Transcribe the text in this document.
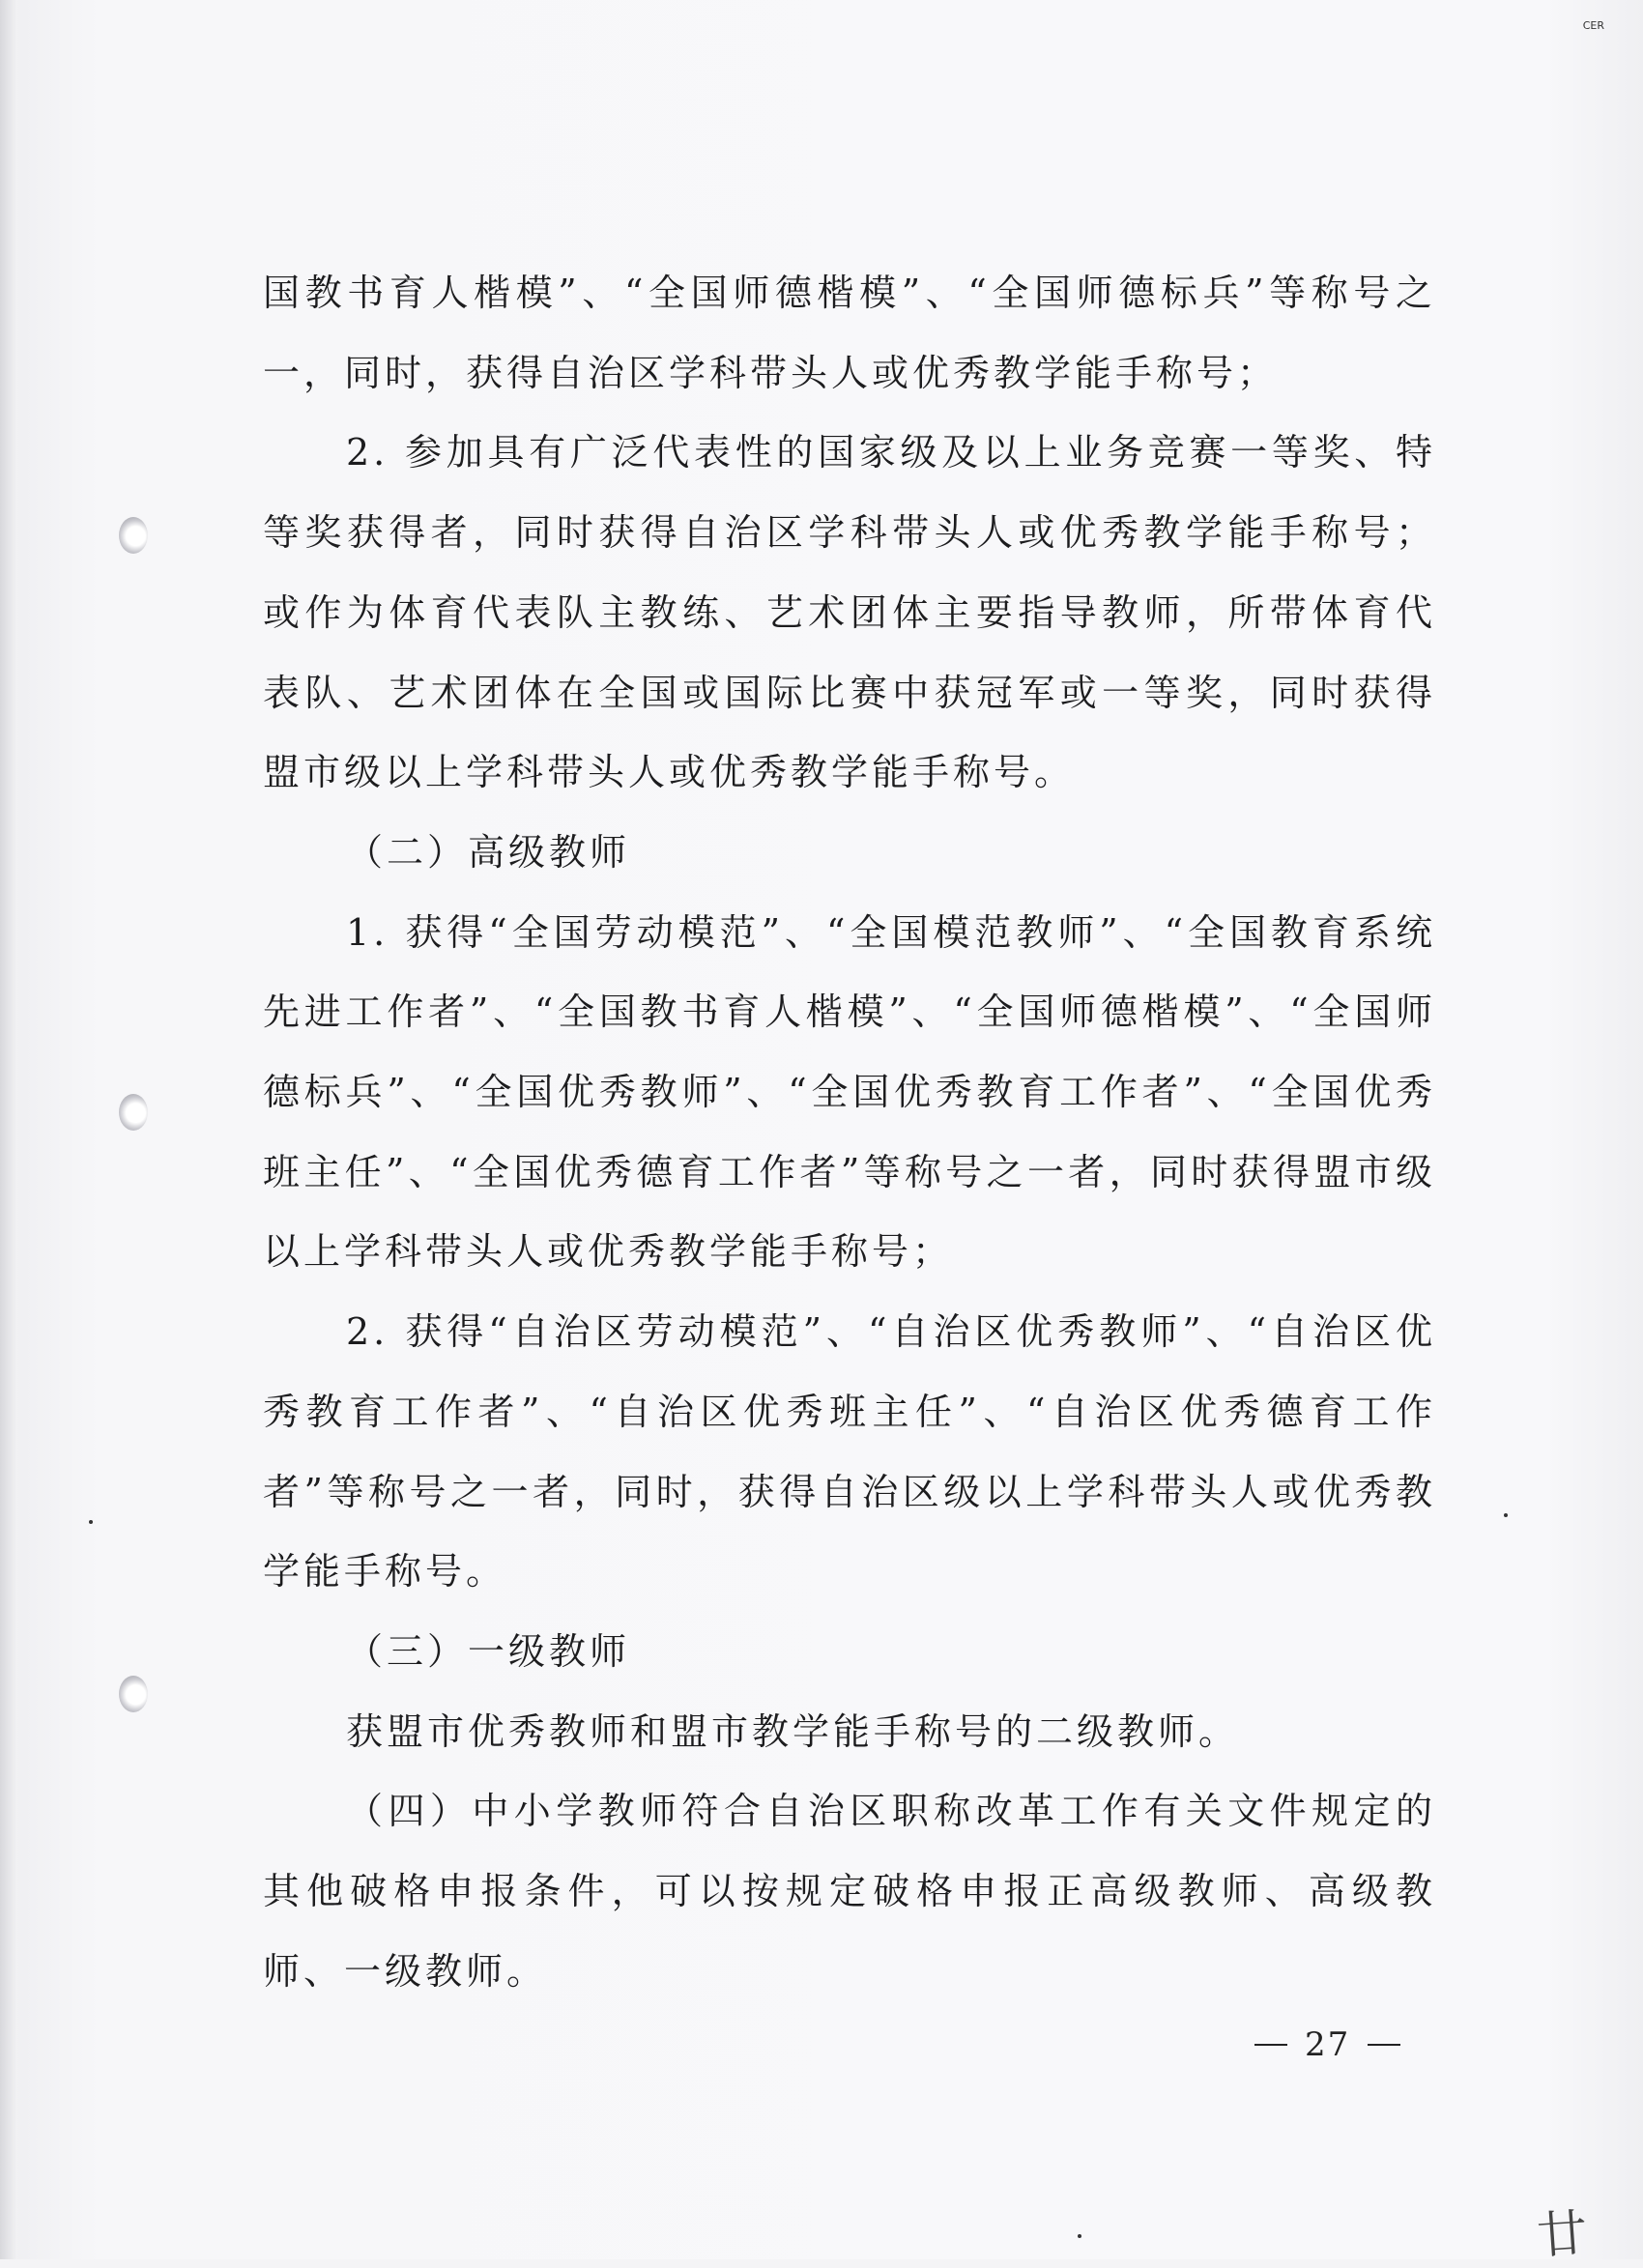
CER

国教书育人楷模”、“全国师德楷模”、“全国师德标兵”等称号之一，同时，获得自治区学科带头人或优秀教学能手称号；

2. 参加具有广泛代表性的国家级及以上业务竞赛一等奖、特等奖获得者，同时获得自治区学科带头人或优秀教学能手称号；或作为体育代表队主教练、艺术团体主要指导教师，所带体育代表队、艺术团体在全国或国际比赛中获冠军或一等奖，同时获得盟市级以上学科带头人或优秀教学能手称号。

（二）高级教师

1. 获得“全国劳动模范”、“全国模范教师”、“全国教育系统先进工作者”、“全国教书育人楷模”、“全国师德楷模”、“全国师德标兵”、“全国优秀教师”、“全国优秀教育工作者”、“全国优秀班主任”、“全国优秀德育工作者”等称号之一者，同时获得盟市级以上学科带头人或优秀教学能手称号；

2. 获得“自治区劳动模范”、“自治区优秀教师”、“自治区优秀教育工作者”、“自治区优秀班主任”、“自治区优秀德育工作者”等称号之一者，同时，获得自治区级以上学科带头人或优秀教学能手称号。

（三）一级教师

获盟市优秀教师和盟市教学能手称号的二级教师。

（四）中小学教师符合自治区职称改革工作有关文件规定的其他破格申报条件，可以按规定破格申报正高级教师、高级教师、一级教师。

27
廿
